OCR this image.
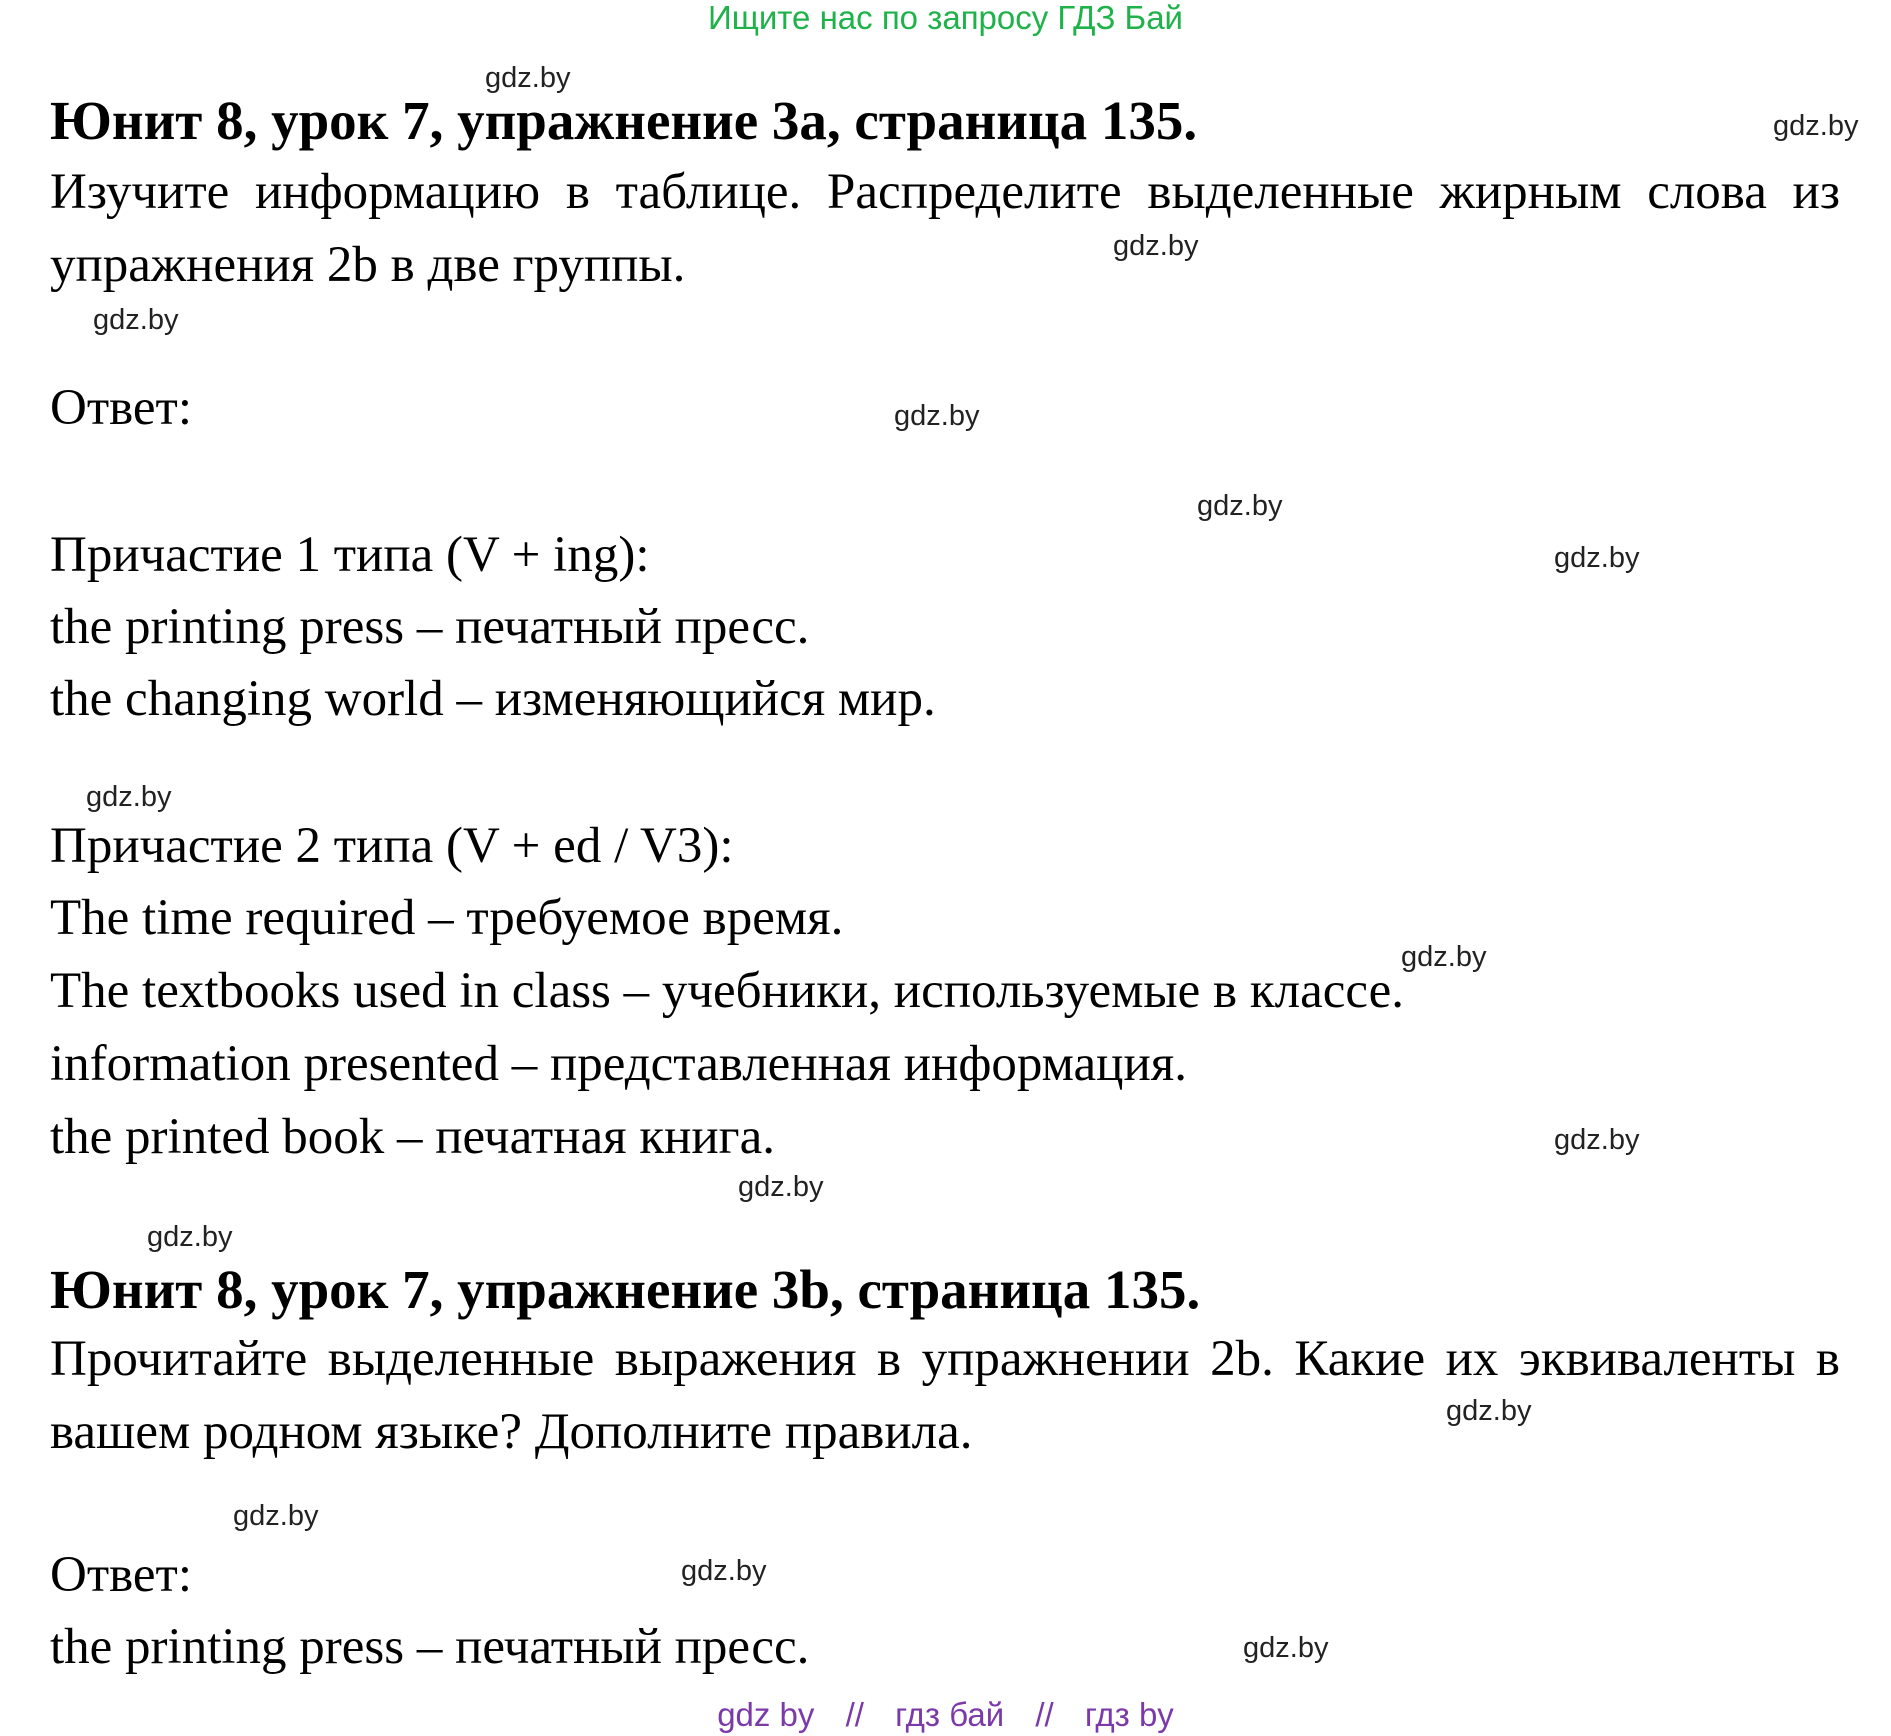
Ищите нас по запросу ГДЗ Бай
Юнит 8, урок 7, упражнение 3a, страница 135.
Изучите информацию в таблице. Распределите выделенные жирным слова из упражнения 2b в две группы.
Ответ:
Причастие 1 типа (V + ing):
the printing press – печатный пресс.
the changing world – изменяющийся мир.
Причастие 2 типа (V + ed / V3):
The time required – требуемое время.
The textbooks used in class – учебники, используемые в классе.
information presented – представленная информация.
the printed book – печатная книга.
Юнит 8, урок 7, упражнение 3b, страница 135.
Прочитайте выделенные выражения в упражнении 2b. Какие их эквиваленты в вашем родном языке? Дополните правила.
Ответ:
the printing press – печатный пресс.
gdz.by
gdz.by
gdz.by
gdz.by
gdz.by
gdz.by
gdz.by
gdz.by
gdz.by
gdz.by
gdz.by
gdz.by
gdz.by
gdz.by
gdz.by
gdz.by
gdz by // гдз бай // гдз by
